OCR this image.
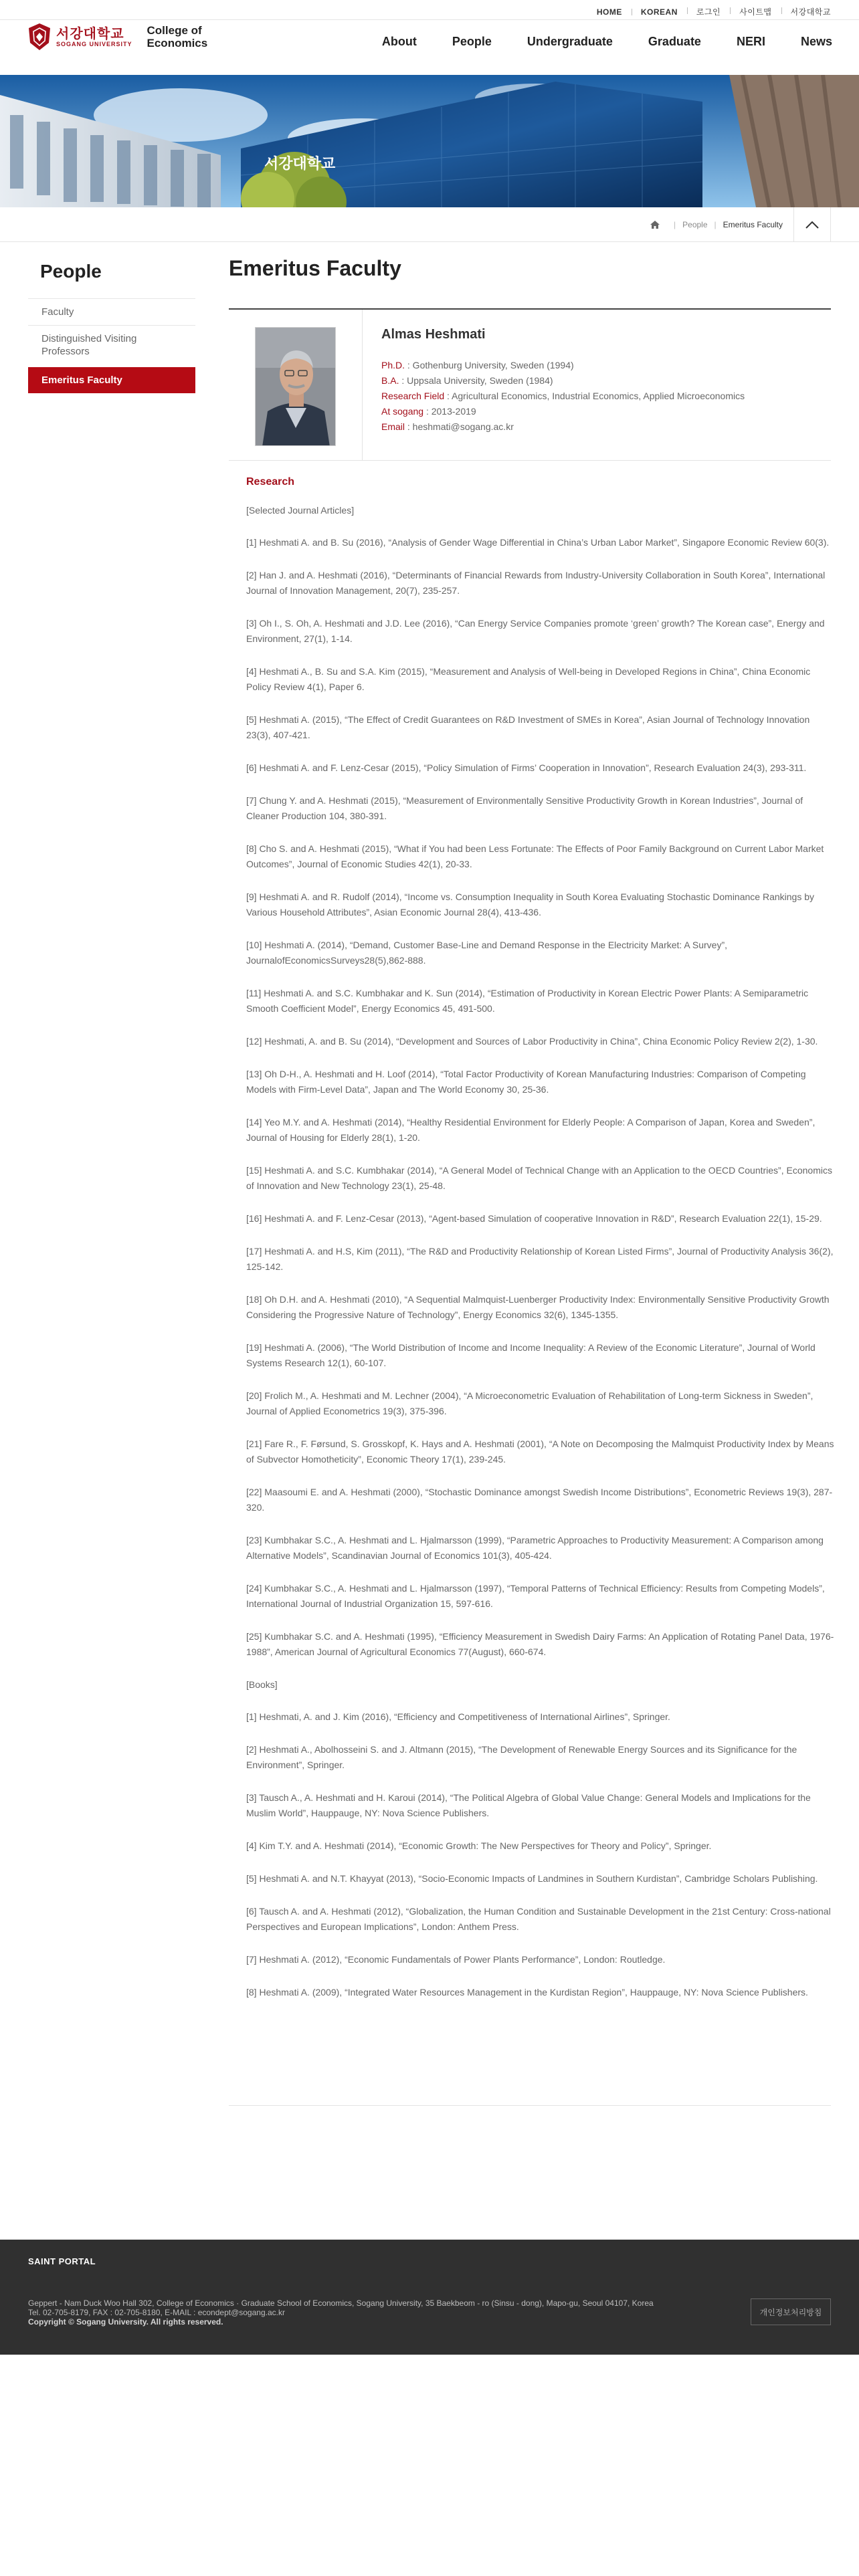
HOME	KOREAN	로그인	사이트맵	서강대학교
서강대학교
SOGANG UNIVERSITY
College of
Economics	About	People	Undergraduate	Graduate	NERI	News
서강대학교
| People | Emeritus Faculty
People
Faculty
Distinguished Visiting Professors
Emeritus Faculty
Emeritus Faculty
Almas Heshmati
Ph.D. : Gothenburg University, Sweden (1994)
B.A. : Uppsala University, Sweden (1984)
Research Field : Agricultural Economics, Industrial Economics, Applied Microeconomics
At sogang : 2013-2019
Email : heshmati@sogang.ac.kr
Research

[Selected Journal Articles]

[1] Heshmati A. and B. Su (2016), “Analysis of Gender Wage Differential in China’s Urban Labor Market”, Singapore Economic Review 60(3).

[2] Han J. and A. Heshmati (2016), “Determinants of Financial Rewards from Industry-University Collaboration in South Korea”, International Journal of Innovation Management, 20(7), 235-257.

[3] Oh I., S. Oh, A. Heshmati and J.D. Lee (2016), “Can Energy Service Companies promote ‘green’ growth? The Korean case”, Energy and Environment, 27(1), 1-14.

[4] Heshmati A., B. Su and S.A. Kim (2015), “Measurement and Analysis of Well-being in Developed Regions in China”, China Economic Policy Review 4(1), Paper 6.

[5] Heshmati A. (2015), “The Effect of Credit Guarantees on R&D Investment of SMEs in Korea”, Asian Journal of Technology Innovation 23(3), 407-421.

[6] Heshmati A. and F. Lenz-Cesar (2015), “Policy Simulation of Firms’ Cooperation in Innovation”, Research Evaluation 24(3), 293-311.

[7] Chung Y. and A. Heshmati (2015), “Measurement of Environmentally Sensitive Productivity Growth in Korean Industries”, Journal of Cleaner Production 104, 380-391.

[8] Cho S. and A. Heshmati (2015), “What if You had been Less Fortunate: The Effects of Poor Family Background on Current Labor Market Outcomes”, Journal of Economic Studies 42(1), 20-33.

[9] Heshmati A. and R. Rudolf (2014), “Income vs. Consumption Inequality in South Korea Evaluating Stochastic Dominance Rankings by Various Household Attributes”, Asian Economic Journal 28(4), 413-436.

[10] Heshmati A. (2014), “Demand, Customer Base-Line and Demand Response in the Electricity Market: A Survey”, JournalofEconomicsSurveys28(5),862-888.

[11] Heshmati A. and S.C. Kumbhakar and K. Sun (2014), “Estimation of Productivity in Korean Electric Power Plants: A Semiparametric Smooth Coefficient Model”, Energy Economics 45, 491-500.

[12] Heshmati, A. and B. Su (2014), “Development and Sources of Labor Productivity in China”, China Economic Policy Review 2(2), 1-30.

[13] Oh D-H., A. Heshmati and H. Loof (2014), “Total Factor Productivity of Korean Manufacturing Industries: Comparison of Competing Models with Firm-Level Data”, Japan and The World Economy 30, 25-36.

[14] Yeo M.Y. and A. Heshmati (2014), “Healthy Residential Environment for Elderly People: A Comparison of Japan, Korea and Sweden”, Journal of Housing for Elderly 28(1), 1-20.

[15] Heshmati A. and S.C. Kumbhakar (2014), “A General Model of Technical Change with an Application to the OECD Countries”, Economics of Innovation and New Technology 23(1), 25-48.

[16] Heshmati A. and F. Lenz-Cesar (2013), “Agent-based Simulation of cooperative Innovation in R&D”, Research Evaluation 22(1), 15-29.

[17] Heshmati A. and H.S, Kim (2011), “The R&D and Productivity Relationship of Korean Listed Firms”, Journal of Productivity Analysis 36(2), 125-142.

[18] Oh D.H. and A. Heshmati (2010), “A Sequential Malmquist-Luenberger Productivity Index: Environmentally Sensitive Productivity Growth Considering the Progressive Nature of Technology”, Energy Economics 32(6), 1345-1355.

[19] Heshmati A. (2006), “The World Distribution of Income and Income Inequality: A Review of the Economic Literature”, Journal of World Systems Research 12(1), 60-107.

[20] Frolich M., A. Heshmati and M. Lechner (2004), “A Microeconometric Evaluation of Rehabilitation of Long-term Sickness in Sweden”, Journal of Applied Econometrics 19(3), 375-396.

[21] Fare R., F. Førsund, S. Grosskopf, K. Hays and A. Heshmati (2001), “A Note on Decomposing the Malmquist Productivity Index by Means of Subvector Homotheticity”, Economic Theory 17(1), 239-245.

[22] Maasoumi E. and A. Heshmati (2000), “Stochastic Dominance amongst Swedish Income Distributions”, Econometric Reviews 19(3), 287-320.

[23] Kumbhakar S.C., A. Heshmati and L. Hjalmarsson (1999), “Parametric Approaches to Productivity Measurement: A Comparison among Alternative Models”, Scandinavian Journal of Economics 101(3), 405-424.

[24] Kumbhakar S.C., A. Heshmati and L. Hjalmarsson (1997), “Temporal Patterns of Technical Efficiency: Results from Competing Models”, International Journal of Industrial Organization 15, 597-616.

[25] Kumbhakar S.C. and A. Heshmati (1995), “Efficiency Measurement in Swedish Dairy Farms: An Application of Rotating Panel Data, 1976-1988”, American Journal of Agricultural Economics 77(August), 660-674.

[Books]

[1] Heshmati, A. and J. Kim (2016), “Efficiency and Competitiveness of International Airlines”, Springer.

[2] Heshmati A., Abolhosseini S. and J. Altmann (2015), “The Development of Renewable Energy Sources and its Significance for the Environment”, Springer.

[3] Tausch A., A. Heshmati and H. Karoui (2014), “The Political Algebra of Global Value Change: General Models and Implications for the Muslim World”, Hauppauge, NY: Nova Science Publishers.

[4] Kim T.Y. and A. Heshmati (2014), “Economic Growth: The New Perspectives for Theory and Policy”, Springer.

[5] Heshmati A. and N.T. Khayyat (2013), “Socio-Economic Impacts of Landmines in Southern Kurdistan”, Cambridge Scholars Publishing.

[6] Tausch A. and A. Heshmati (2012), “Globalization, the Human Condition and Sustainable Development in the 21st Century: Cross-national Perspectives and European Implications”, London: Anthem Press.

[7] Heshmati A. (2012), “Economic Fundamentals of Power Plants Performance”, London: Routledge.

[8] Heshmati A. (2009), “Integrated Water Resources Management in the Kurdistan Region”, Hauppauge, NY: Nova Science Publishers.

SAINT PORTAL
Geppert - Nam Duck Woo Hall 302, College of Economics · Graduate School of Economics, Sogang University, 35 Baekbeom - ro (Sinsu - dong), Mapo-gu, Seoul 04107, Korea
Tel. 02-705-8179, FAX : 02-705-8180, E-MAIL : econdept@sogang.ac.kr
Copyright © Sogang University. All rights reserved.
개인정보처리방침
